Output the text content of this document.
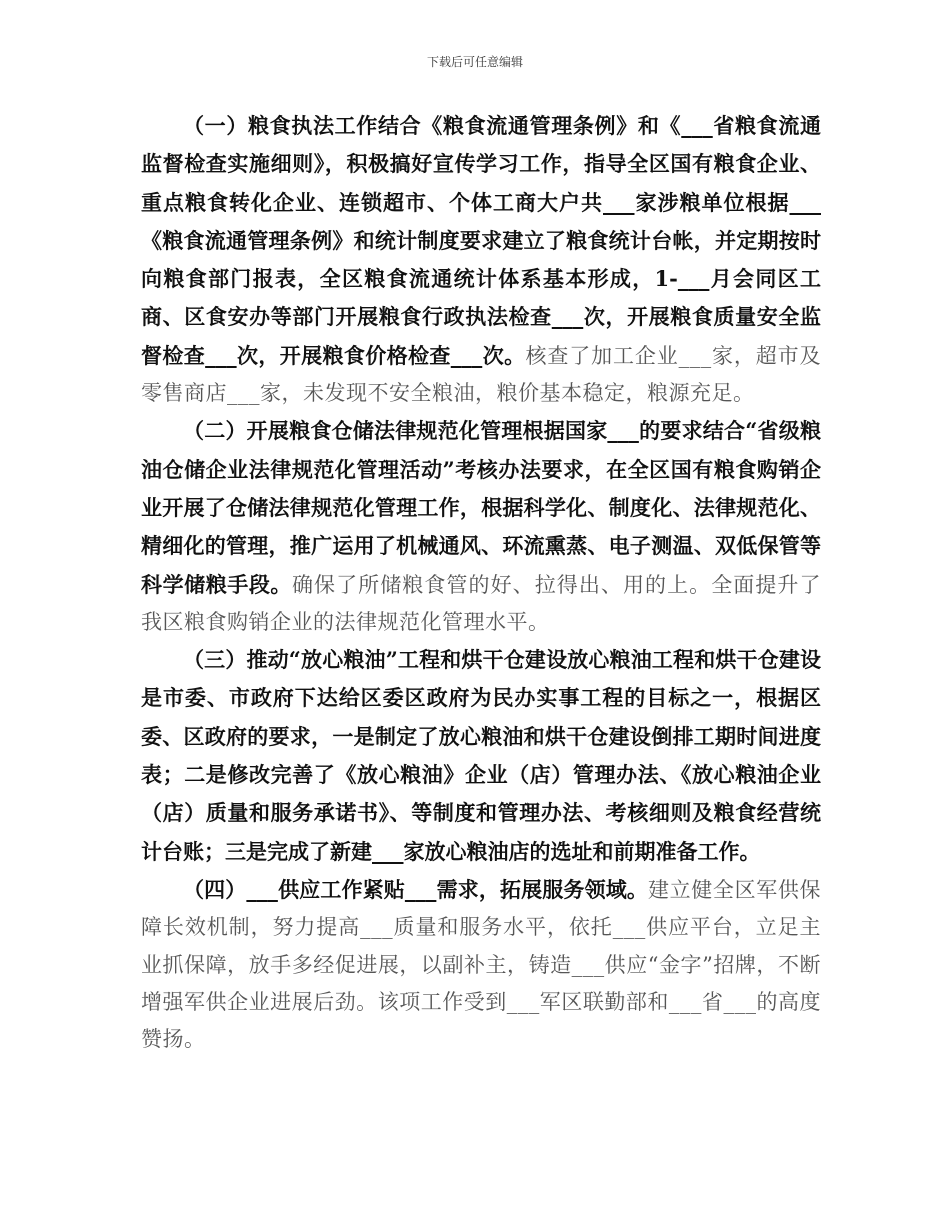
下载后可任意编辑

（一）粮食执法工作结合《粮食流通管理条例》和《___省粮食流通监督检查实施细则》，积极搞好宣传学习工作，指导全区国有粮食企业、重点粮食转化企业、连锁超市、个体工商大户共___家涉粮单位根据___《粮食流通管理条例》和统计制度要求建立了粮食统计台帐，并定期按时向粮食部门报表，全区粮食流通统计体系基本形成，1-___月会同区工商、区食安办等部门开展粮食行政执法检查___次，开展粮食质量安全监督检查___次，开展粮食价格检查___次。核查了加工企业___家，超市及零售商店___家，未发现不安全粮油，粮价基本稳定，粮源充足。

（二）开展粮食仓储法律规范化管理根据国家___的要求结合“省级粮油仓储企业法律规范化管理活动”考核办法要求，在全区国有粮食购销企业开展了仓储法律规范化管理工作，根据科学化、制度化、法律规范化、精细化的管理，推广运用了机械通风、环流熏蒸、电子测温、双低保管等科学储粮手段。确保了所储粮食管的好、拉得出、用的上。全面提升了我区粮食购销企业的法律规范化管理水平。

（三）推动“放心粮油”工程和烘干仓建设放心粮油工程和烘干仓建设是市委、市政府下达给区委区政府为民办实事工程的目标之一，根据区委、区政府的要求，一是制定了放心粮油和烘干仓建设倒排工期时间进度表；二是修改完善了《放心粮油》企业（店）管理办法、《放心粮油企业（店）质量和服务承诺书》、等制度和管理办法、考核细则及粮食经营统计台账；三是完成了新建___家放心粮油店的选址和前期准备工作。

（四）___供应工作紧贴___需求，拓展服务领域。建立健全区军供保障长效机制，努力提高___质量和服务水平，依托___供应平台，立足主业抓保障，放手多经促进展，以副补主，铸造___供应“金字”招牌，不断增强军供企业进展后劲。该项工作受到___军区联勤部和___省___的高度赞扬。
